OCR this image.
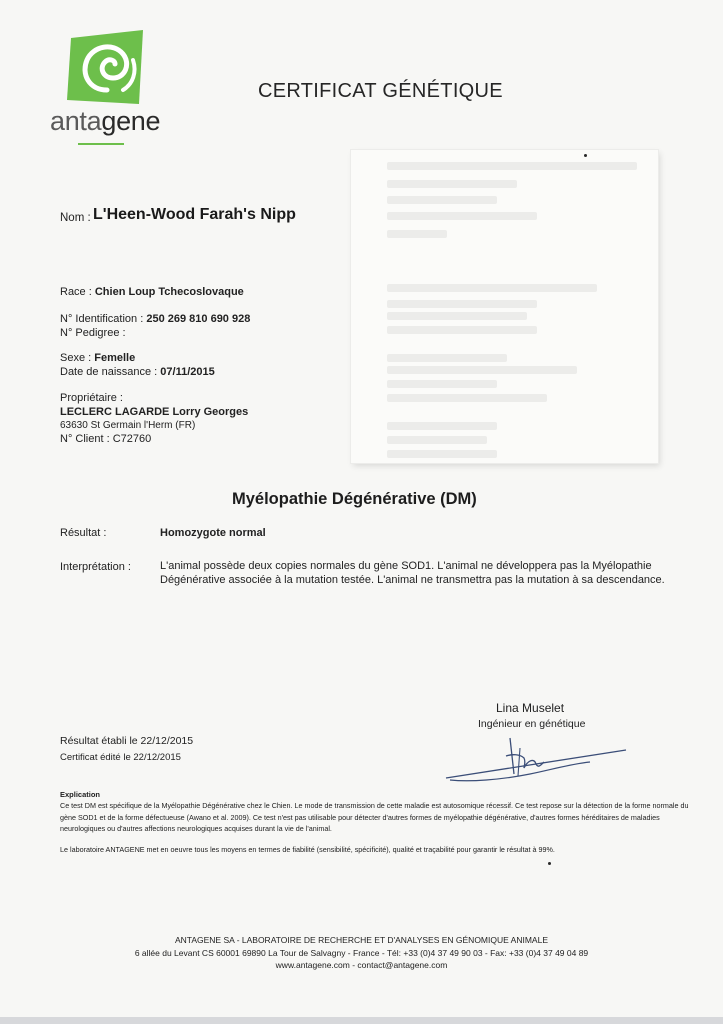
antagene
CERTIFICAT GÉNÉTIQUE
Nom : L'Heen-Wood Farah's Nipp
Race : Chien Loup Tchecoslovaque
N° Identification : 250 269 810 690 928
N° Pedigree :
Sexe : Femelle
Date de naissance : 07/11/2015
Propriétaire :
LECLERC LAGARDE Lorry Georges
63630 St Germain l'Herm (FR)
N° Client : C72760
Myélopathie Dégénérative (DM)
Résultat :	Homozygote normal
Interprétation :	L'animal possède deux copies normales du gène SOD1. L'animal ne développera pas la Myélopathie Dégénérative associée à la mutation testée. L'animal ne transmettra pas la mutation à sa descendance.
Lina Muselet
Ingénieur en génétique
Résultat établi le 22/12/2015
Certificat édité le 22/12/2015
Explication
Ce test DM est spécifique de la Myélopathie Dégénérative chez le Chien. Le mode de transmission de cette maladie est autosomique récessif. Ce test repose sur la détection de la forme normale du gène SOD1 et de la forme défectueuse (Awano et al. 2009). Ce test n'est pas utilisable pour détecter d'autres formes de myélopathie dégénérative, d'autres formes héréditaires de maladies neurologiques ou d'autres affections neurologiques acquises durant la vie de l'animal.
Le laboratoire ANTAGENE met en oeuvre tous les moyens en termes de fiabilité (sensibilité, spécificité), qualité et traçabilité pour garantir le résultat à 99%.
ANTAGENE SA - LABORATOIRE DE RECHERCHE ET D'ANALYSES EN GÉNOMIQUE ANIMALE
6 allée du Levant CS 60001 69890 La Tour de Salvagny - France - Tél: +33 (0)4 37 49 90 03 - Fax: +33 (0)4 37 49 04 89
www.antagene.com - contact@antagene.com
